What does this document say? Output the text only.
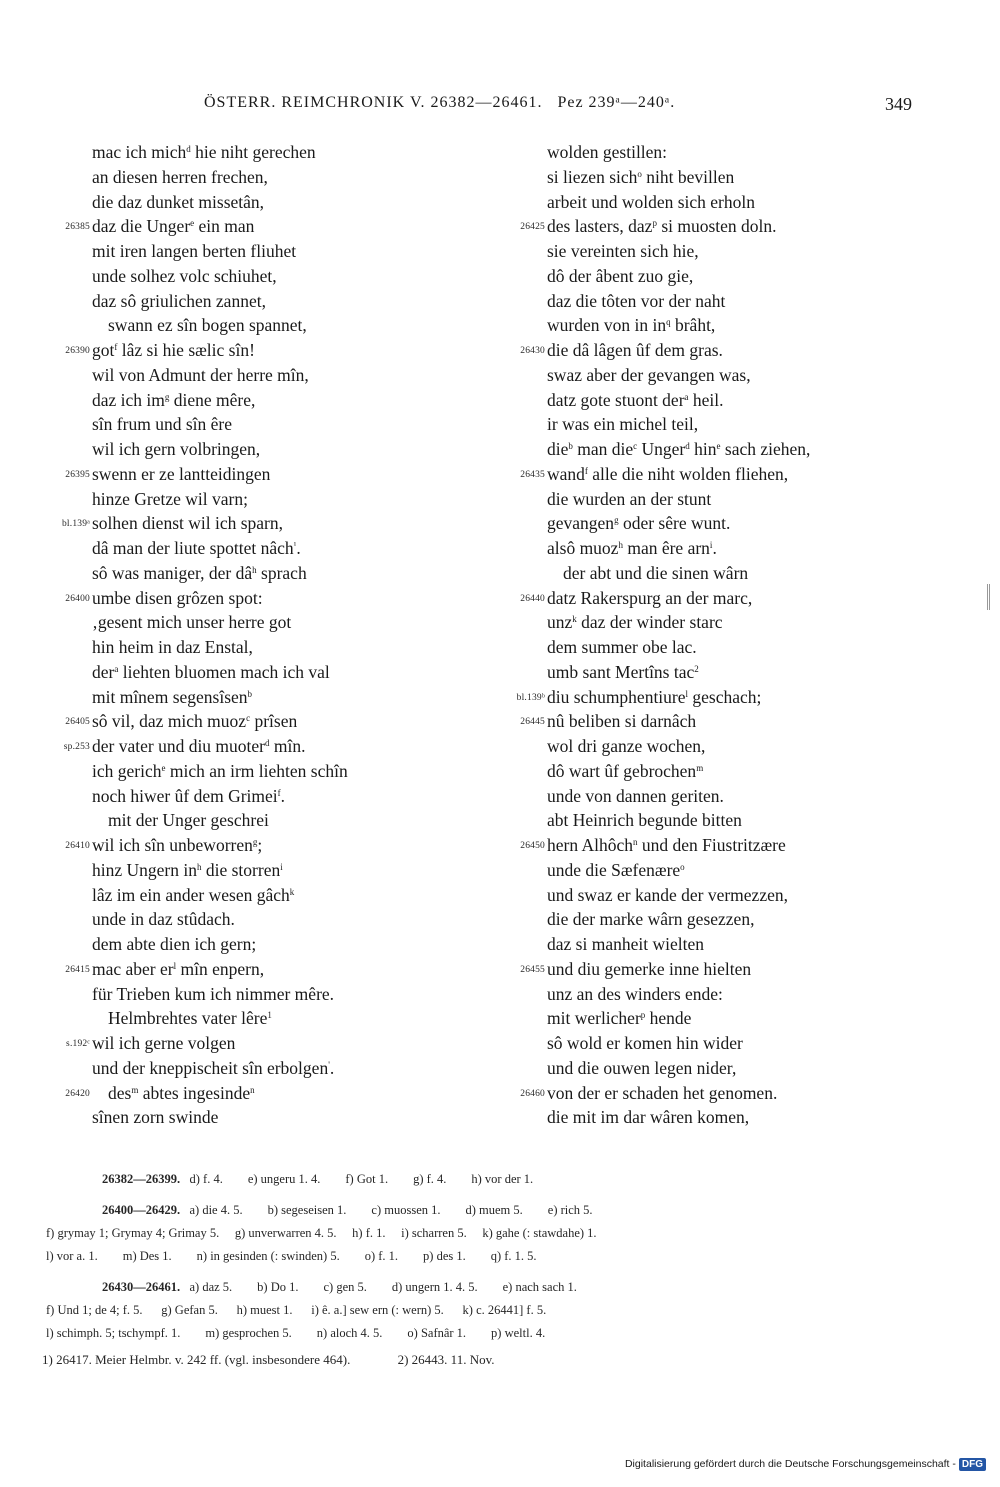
ÖSTERR. REIMCHRONIK V. 26382—26461. Pez 239ᵃ—240ᵃ.	349
mac ich mich$^d$ hie niht gerechen
an diesen herren frechen,
die daz dunket missetân,
26385 daz die Unger$^e$ ein man
mit iren langen berten fliuhet
unde solhez volc schiuhet,
daz sô griulichen zannet,
swann ez sîn bogen spannet,
26390 got$^f$ lâz si hie sælic sîn!
wil von Admunt der herre mîn,
daz ich $im^g$ diene mêre,
sîn frum und sîn êre
wil ich gern volbringen,
26395 swenn er ze lantteidingen
hinze Gretze wil varn;
bl.139ᵃ solhen dienst wil ich sparn,
dâ man der liute spottet nâch$^{^1}$.
sô was maniger, der $dâ^h$ sprach
26400 umbe disen grôzen spot:
‚gesent mich unser herre got
hin heim in daz Enstal,
der$^a$ liehten bluomen mach ich val
mit mînem segensîsen$^b$
26405 sô vil, daz mich muoz$^c$ prîsen
sp.253 der vater und diu muoter$^d$ mîn.
ich gerich$^e$ mich an irm liehten schîn
noch hiwer ûf dem Grimei$^f$.
mit der Unger geschrei
26410 wil ich sîn unbeworren$^g$;
hinz Ungern $in^h$ die storren$^i$
lâz im ein ander wesen gâch$^k$
unde in daz stûdach.
dem abte dien ich gern;
26415 mac aber $er^l$ mîn enpern,
für Trieben kum ich nimmer mêre.
Helmbrehtes vater lêre$^1$
s.192ᶜ wil ich gerne volgen
und der kneppischeit sîn erbolgen'.
26420 des$^m$ abtes ingesinde$^n$
sînen zorn swinde
wolden gestillen:
si liezen sich$^o$ niht bevillen
arbeit und wolden sich erholn
26425 des lasters, daz$^p$ si muosten doln.
sie vereinten sich hie,
dô der âbent zuo gie,
daz die tôten vor der naht
wurden von in $in^q$ brâht,
26430 die dâ lâgen ûf dem gras.
swaz aber der gevangen was,
datz gote stuont der$^a$ heil.
ir was ein michel teil,
die$^b$ man die$^c$ Unger$^d$ hin$^e$ sach ziehen,
26435 wand$^f$ alle die niht wolden fliehen,
die wurden an der stunt
gevangen$^g$ oder sêre wunt.
alsô muoz$^h$ man êre arn$^i$.
der abt und die sinen wârn
26440 datz Rakerspurg an der marc,
unz$^k$ daz der winder starc
dem summer obe lac.
umb sant Mertîns tac$^2$
bl.139ᵇ diu schumphentiure$^l$ geschach;
26445 nû beliben si darnâch
wol dri ganze wochen,
dô wart ûf gebrochen$^m$
unde von dannen geriten.
abt Heinrich begunde bitten
26450 hern Alhôch$^n$ und den Fiustritzære
unde die Sæfenære$^o$
und swaz er kande der vermezzen,
die der marke wârn gesezzen,
daz si manheit wielten
26455 und diu gemerke inne hielten
unz an des winders ende:
mit werlicher$^p$ hende
sô wold er komen hin wider
und die ouwen legen nider,
26460 von der er schaden het genomen.
die mit im dar wâren komen,
26382—26399.   d) f. 4.        e) ungeru 1. 4.        f) Got 1.        g) f. 4.        h) vor der 1.
26400—26429.   a) die 4. 5.        b) segeseisen 1.        c) muossen 1.        d) muem 5.        e) rich 5.
f) grymay 1; Grymay 4; Grimay 5.     g) unverwarren 4. 5.     h) f. 1.     i) scharren 5.     k) gahe (: stawdahe) 1.
l) vor a. 1.        m) Des 1.        n) in gesinden (: swinden) 5.        o) f. 1.        p) des 1.        q) f. 1. 5.
26430—26461.   a) daz 5.        b) Do 1.        c) gen 5.        d) ungern 1. 4. 5.        e) nach sach 1.
f) Und 1; de 4; f. 5.      g) Gefan 5.      h) muest 1.      i) ê. a.] sew ern (: wern) 5.      k) c. 26441] f. 5.
l) schimph. 5; tschympf. 1.        m) gesprochen 5.        n) aloch 4. 5.        o) Safnâr 1.        p) weltl. 4.
1) 26417. Meier Helmbr. v. 242 ff. (vgl. insbesondere 464).	2) 26443. 11. Nov.
Digitalisierung gefördert durch die Deutsche Forschungsgemeinschaft - DFG
